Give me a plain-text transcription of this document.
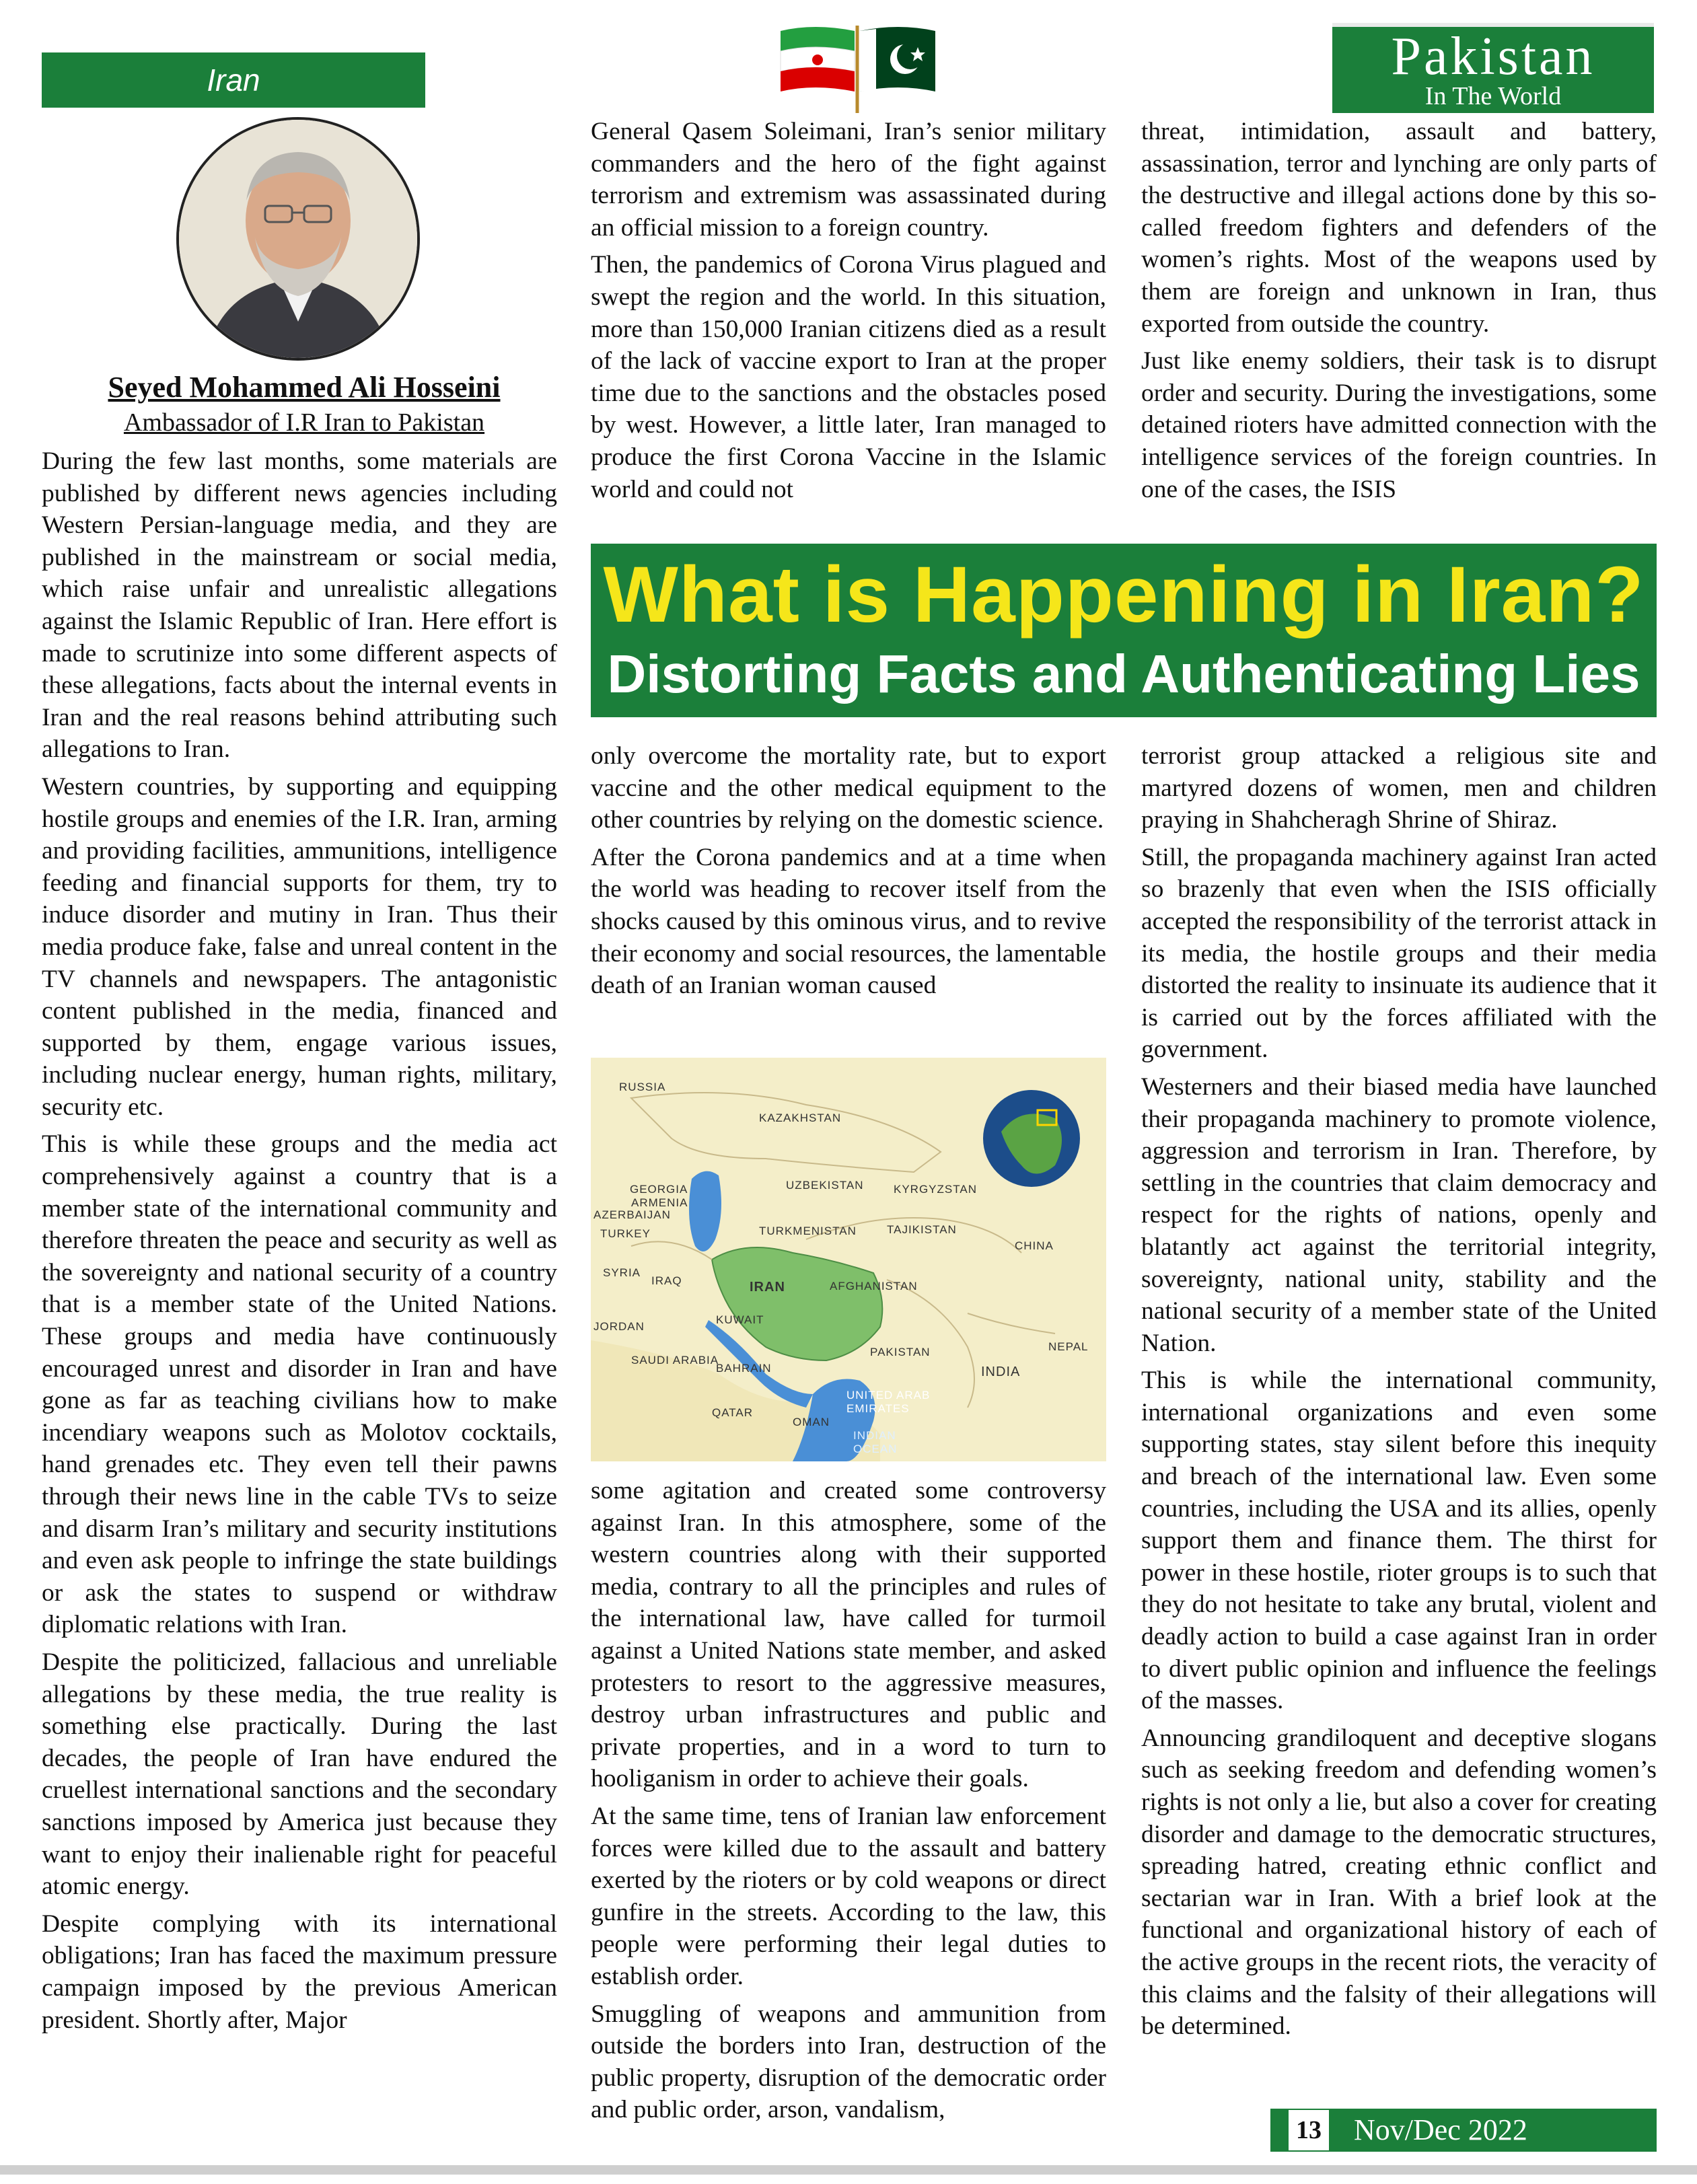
Iran	Pakistan
In The World
Seyed Mohammed Ali Hosseini
Ambassador of I.R Iran to Pakistan

During the few last months, some materials are published by different news agencies including Western Persian-language media, and they are published in the mainstream or social media, which raise unfair and unrealistic allegations against the Islamic Republic of Iran. Here effort is made to scrutinize into some different aspects of these allegations, facts about the internal events in Iran and the real reasons behind attributing such allegations to Iran.

Western countries, by supporting and equipping hostile groups and enemies of the I.R. Iran, arming and providing facilities, ammunitions, intelligence feeding and financial supports for them, try to induce disorder and mutiny in Iran. Thus their media produce fake, false and unreal content in the TV channels and newspapers. The antagonistic content published in the media, financed and supported by them, engage various issues, including nuclear energy, human rights, military, security etc.

This is while these groups and the media act comprehensively against a country that is a member state of the international community and therefore threaten the peace and security as well as the sovereignty and national security of a country that is a member state of the United Nations. These groups and media have continuously encouraged unrest and disorder in Iran and have gone as far as teaching civilians how to make incendiary weapons such as Molotov cocktails, hand grenades etc. They even tell their pawns through their news line in the cable TVs to seize and disarm Iran’s military and security institutions and even ask people to infringe the state buildings or ask the states to suspend or withdraw diplomatic relations with Iran.

Despite the politicized, fallacious and unreliable allegations by these media, the true reality is something else practically. During the last decades, the people of Iran have endured the cruellest international sanctions and the secondary sanctions imposed by America just because they want to enjoy their inalienable right for peaceful atomic energy.

Despite complying with its international obligations; Iran has faced the maximum pressure campaign imposed by the previous American president. Shortly after, Major

General Qasem Soleimani, Iran’s senior military commanders and the hero of the fight against terrorism and extremism was assassinated during an official mission to a foreign country.

Then, the pandemics of Corona Virus plagued and swept the region and the world. In this situation, more than 150,000 Iranian citizens died as a result of the lack of vaccine export to Iran at the proper time due to the sanctions and the obstacles posed by west. However, a little later, Iran managed to produce the first Corona Vaccine in the Islamic world and could not

threat, intimidation, assault and battery, assassination, terror and lynching are only parts of the destructive and illegal actions done by this so-called freedom fighters and defenders of the women’s rights. Most of the weapons used by them are foreign and unknown in Iran, thus exported from outside the country.

Just like enemy soldiers, their task is to disrupt order and security. During the investigations, some detained rioters have admitted connection with the intelligence services of the foreign countries. In one of the cases, the ISIS

What is Happening in Iran?
Distorting Facts and Authenticating Lies

only overcome the mortality rate, but to export vaccine and the other medical equipment to the other countries by relying on the domestic science.

After the Corona pandemics and at a time when the world was heading to recover itself from the shocks caused by this ominous virus, and to revive their economy and social resources, the lamentable death of an Iranian woman caused

RUSSIA
KAZAKHSTAN
UZBEKISTAN	KYRGYZSTAN
GEORGIA
ARMENIA
AZERBAIJAN
TURKEY	TURKMENISTAN	TAJIKISTAN
CHINA
SYRIA
IRAQ	IRAN	AFGHANISTAN
JORDAN
KUWAIT
SAUDI ARABIA
BAHRAIN
PAKISTAN	NEPAL
INDIA
QATAR
UNITED ARAB EMIRATES
OMAN
INDIAN OCEAN

some agitation and created some controversy against Iran. In this atmosphere, some of the western countries along with their supported media, contrary to all the principles and rules of the international law, have called for turmoil against a United Nations state member, and asked protesters to resort to the aggressive measures, destroy urban infrastructures and public and private properties, and in a word to turn to hooliganism in order to achieve their goals.

At the same time, tens of Iranian law enforcement forces were killed due to the assault and battery exerted by the rioters or by cold weapons or direct gunfire in the streets. According to the law, this people were performing their legal duties to establish order.

Smuggling of weapons and ammunition from outside the borders into Iran, destruction of the public property, disruption of the democratic order and public order, arson, vandalism,

terrorist group attacked a religious site and martyred dozens of women, men and children praying in Shahcheragh Shrine of Shiraz.

Still, the propaganda machinery against Iran acted so brazenly that even when the ISIS officially accepted the responsibility of the terrorist attack in its media, the hostile groups and their media distorted the reality to insinuate its audience that it is carried out by the forces affiliated with the government.

Westerners and their biased media have launched their propaganda machinery to promote violence, aggression and terrorism in Iran. Therefore, by settling in the countries that claim democracy and respect for the rights of nations, openly and blatantly act against the territorial integrity, sovereignty, national unity, stability and the national security of a member state of the United Nation.

This is while the international community, international organizations and even some supporting states, stay silent before this inequity and breach of the international law. Even some countries, including the USA and its allies, openly support them and finance them. The thirst for power in these hostile, rioter groups is to such that they do not hesitate to take any brutal, violent and deadly action to build a case against Iran in order to divert public opinion and influence the feelings of the masses.

Announcing grandiloquent and deceptive slogans such as seeking freedom and defending women’s rights is not only a lie, but also a cover for creating disorder and damage to the democratic structures, spreading hatred, creating ethnic conflict and sectarian war in Iran. With a brief look at the functional and organizational history of each of the active groups in the recent riots, the veracity of this claims and the falsity of their allegations will be determined.

13 Nov/Dec 2022
